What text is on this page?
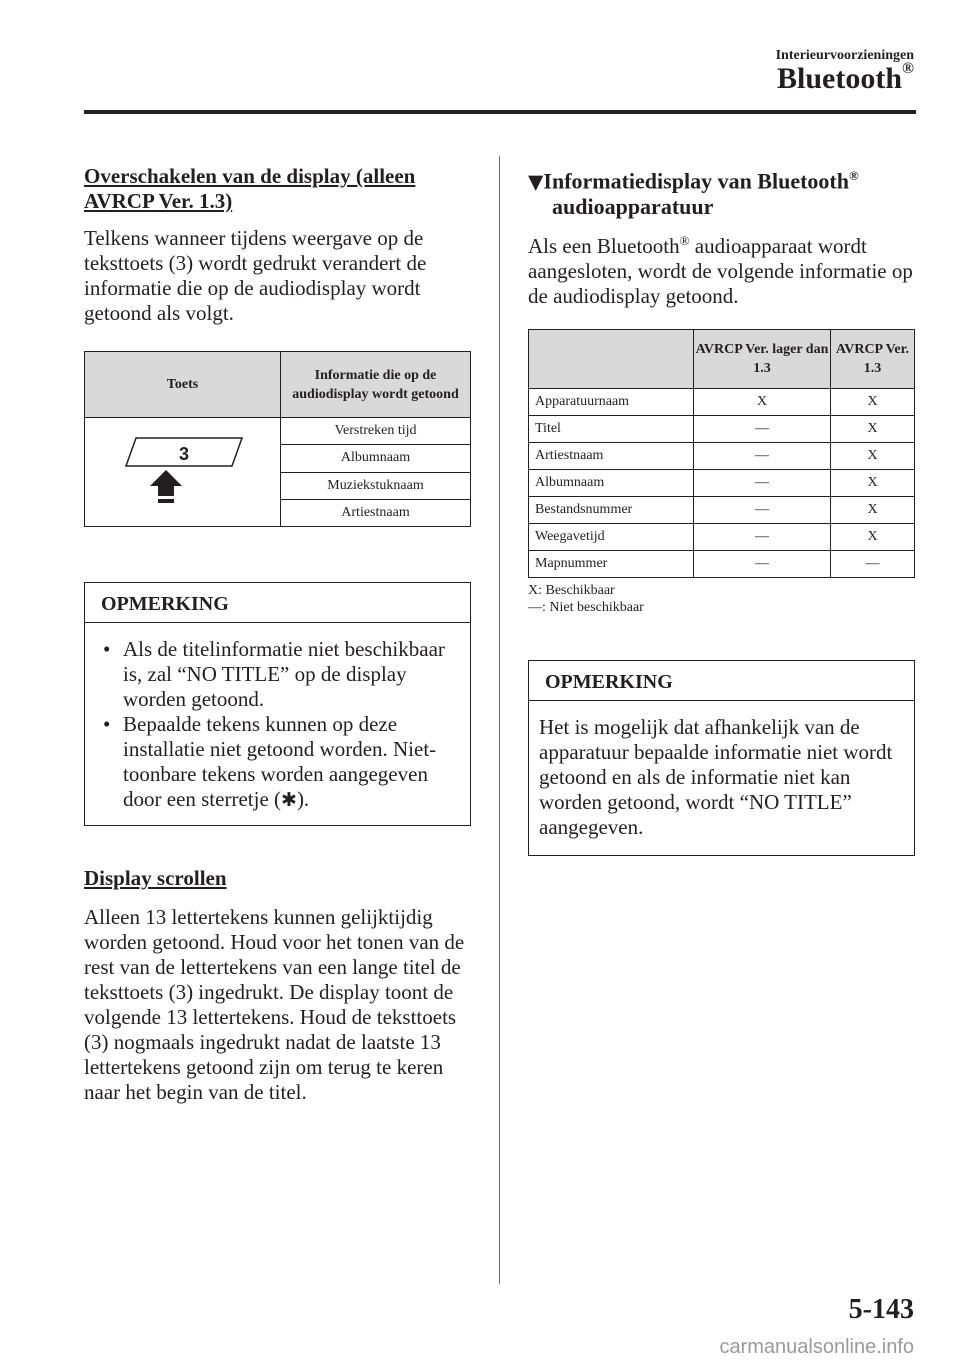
Interieurvoorzieningen
Bluetooth®
Overschakelen van de display (alleen AVRCP Ver. 1.3)
Telkens wanneer tijdens weergave op de teksttoets (3) wordt gedrukt verandert de informatie die op de audiodisplay wordt getoond als volgt.
Toets	Informatie die op de audiodisplay wordt getoond

3	Verstreken tijd
	Albumnaam
	Muziekstuknaam
	Artiestnaam
OPMERKING
• Als de titelinformatie niet beschikbaar is, zal “NO TITLE” op de display worden getoond.
• Bepaalde tekens kunnen op deze installatie niet getoond worden. Niet-toonbare tekens worden aangegeven door een sterretje (✱).
Display scrollen
Alleen 13 lettertekens kunnen gelijktijdig worden getoond. Houd voor het tonen van de rest van de lettertekens van een lange titel de teksttoets (3) ingedrukt. De display toont de volgende 13 lettertekens. Houd de teksttoets (3) nogmaals ingedrukt nadat de laatste 13 lettertekens getoond zijn om terug te keren naar het begin van de titel.
▼Informatiedisplay van Bluetooth®
audioapparatuur
Als een Bluetooth® audioapparaat wordt aangesloten, wordt de volgende informatie op de audiodisplay getoond.
	AVRCP Ver. lager dan 1.3	AVRCP Ver. 1.3
Apparatuurnaam	X	X
Titel	—	X
Artiestnaam	—	X
Albumnaam	—	X
Bestandsnummer	—	X
Weegavetijd	—	X
Mapnummer	—	—
X: Beschikbaar
—: Niet beschikbaar
OPMERKING
Het is mogelijk dat afhankelijk van de apparatuur bepaalde informatie niet wordt getoond en als de informatie niet kan worden getoond, wordt “NO TITLE” aangegeven.
5-143
carmanualsonline.info
